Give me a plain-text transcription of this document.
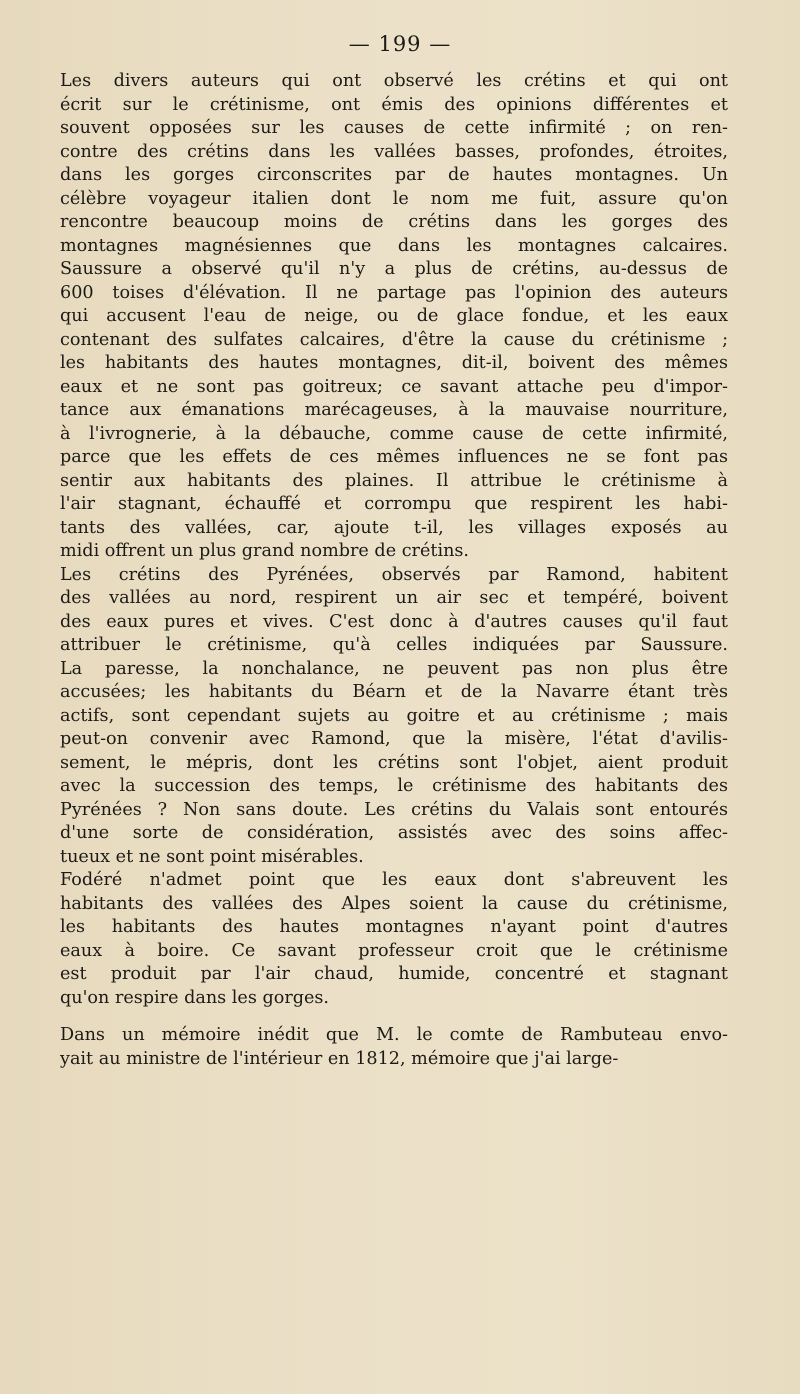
— 199 —
Les divers auteurs qui ont observé les crétins et qui ont
écrit sur le crétinisme, ont émis des opinions différentes et
souvent opposées sur les causes de cette infirmité ; on ren-
contre des crétins dans les vallées basses, profondes, étroites,
dans les gorges circonscrites par de hautes montagnes. Un
célèbre voyageur italien dont le nom me fuit, assure qu'on
rencontre beaucoup moins de crétins dans les gorges des
montagnes magnésiennes que dans les montagnes calcaires.
Saussure a observé qu'il n'y a plus de crétins, au-dessus de
600 toises d'élévation. Il ne partage pas l'opinion des auteurs
qui accusent l'eau de neige, ou de glace fondue, et les eaux
contenant des sulfates calcaires, d'être la cause du crétinisme ;
les habitants des hautes montagnes, dit-il, boivent des mêmes
eaux et ne sont pas goitreux; ce savant attache peu d'impor-
tance aux émanations marécageuses, à la mauvaise nourriture,
à l'ivrognerie, à la débauche, comme cause de cette infirmité,
parce que les effets de ces mêmes influences ne se font pas
sentir aux habitants des plaines. Il attribue le crétinisme à
l'air stagnant, échauffé et corrompu que respirent les habi-
tants des vallées, car, ajoute t-il, les villages exposés au
midi offrent un plus grand nombre de crétins.
Les crétins des Pyrénées, observés par Ramond, habitent
des vallées au nord, respirent un air sec et tempéré, boivent
des eaux pures et vives. C'est donc à d'autres causes qu'il faut
attribuer le crétinisme, qu'à celles indiquées par Saussure.
La paresse, la nonchalance, ne peuvent pas non plus être
accusées; les habitants du Béarn et de la Navarre étant très
actifs, sont cependant sujets au goitre et au crétinisme ; mais
peut-on convenir avec Ramond, que la misère, l'état d'avilis-
sement, le mépris, dont les crétins sont l'objet, aient produit
avec la succession des temps, le crétinisme des habitants des
Pyrénées ? Non sans doute. Les crétins du Valais sont entourés
d'une sorte de considération, assistés avec des soins affec-
tueux et ne sont point misérables.
Fodéré n'admet point que les eaux dont s'abreuvent les
habitants des vallées des Alpes soient la cause du crétinisme,
les habitants des hautes montagnes n'ayant point d'autres
eaux à boire. Ce savant professeur croit que le crétinisme
est produit par l'air chaud, humide, concentré et stagnant
qu'on respire dans les gorges.
Dans un mémoire inédit que M. le comte de Rambuteau envo-
yait au ministre de l'intérieur en 1812, mémoire que j'ai large-
